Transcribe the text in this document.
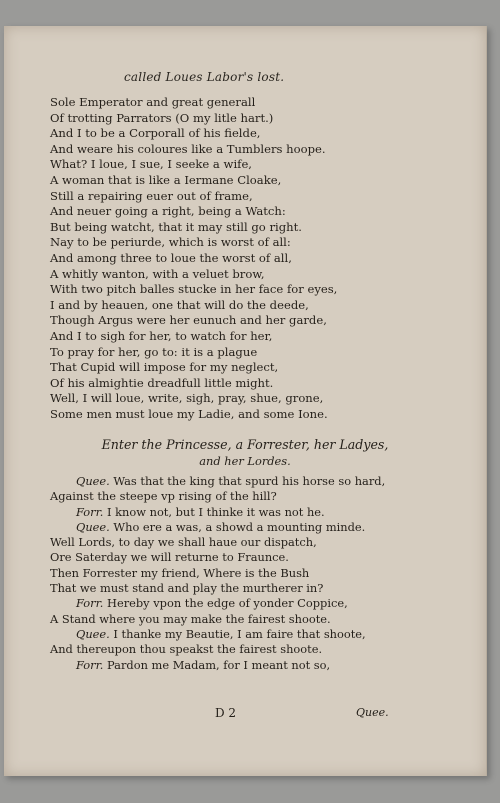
called Loues Labor's lost.
Sole Emperator and great generall
Of trotting Parrators (O my litle hart.)
And I to be a Corporall of his fielde,
And weare his coloures like a Tumblers hoope.
What? I loue, I sue, I seeke a wife,
A woman that is like a Iermane Cloake,
Still a repairing euer out of frame,
And neuer going a right, being a Watch:
But being watcht, that it may still go right.
Nay to be periurde, which is worst of all:
And among three to loue the worst of all,
A whitly wanton, with a veluet brow,
With two pitch balles stucke in her face for eyes,
I and by heauen, one that will do the deede,
Though Argus were her eunuch and her garde,
And I to sigh for her, to watch for her,
To pray for her, go to: it is a plague
That Cupid will impose for my neglect,
Of his almightie dreadfull little might.
Well, I will loue, write, sigh, pray, shue, grone,
Some men must loue my Ladie, and some Ione.
Enter the Princesse, a Forrester, her Ladyes,
and her Lordes.
Quee. Was that the king that spurd his horse so hard,
Against the steepe vp rising of the hill?
Forr. I know not, but I thinke it was not he.
Quee. Who ere a was, a showd a mounting minde.
Well Lords, to day we shall haue our dispatch,
Ore Saterday we will returne to Fraunce.
Then Forrester my friend, Where is the Bush
That we must stand and play the murtherer in?
Forr. Hereby vpon the edge of yonder Coppice,
A Stand where you may make the fairest shoote.
Quee. I thanke my Beautie, I am faire that shoote,
And thereupon thou speakst the fairest shoote.
Forr. Pardon me Madam, for I meant not so,
D 2	Quee.
